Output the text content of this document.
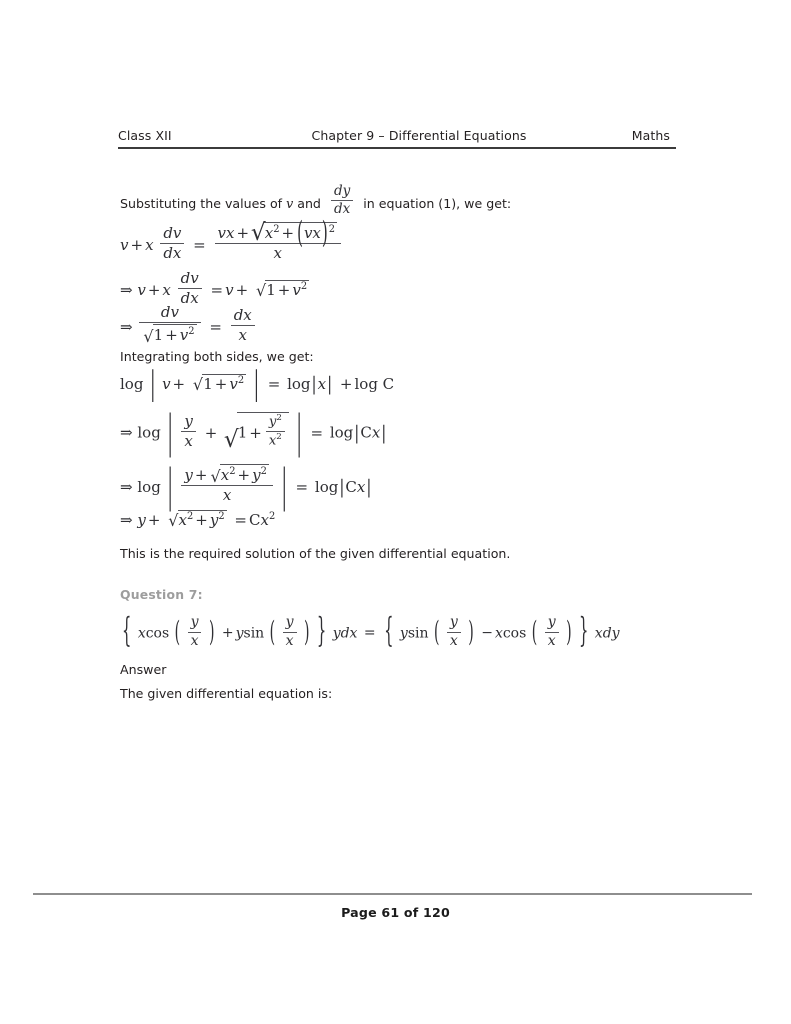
Class XII	Chapter 9 – Differential Equations	Maths
Substituting the values of v and $\frac{dy}{dx}$ in equation (1), we get:
v + x $\frac{dv}{dx} = \frac{vx + √ x^2 + (vx)^2}{x}$
⇒ v + x $\frac{dv}{dx} = v$ + √ $1 + v^2$
⇒ $\frac{dv}{√ 1 + v^2} = \frac{dx}{x}$
Integrating both sides, we get:
log | v + √ $1 + v^2$ | = log|x| + log C
⇒ log | $\frac{y}{x}$ + √ $1 + \frac{y^2}{x^2}$ | = log|Cx|
⇒ log | $\frac{y + √ x^2 + y^2}{x}$ | = log|Cx|
⇒ y + √ $x^2 + y^2 = Cx^2$
This is the required solution of the given differential equation.
Question 7:
{ xcos ( $\frac{y}{x}$ ) + ysin ( $\frac{y}{x}$ ) } ydx = { ysin ( $\frac{y}{x}$ ) − xcos ( $\frac{y}{x}$ ) } xdy
Answer
The given differential equation is:
Page 61 of 120
